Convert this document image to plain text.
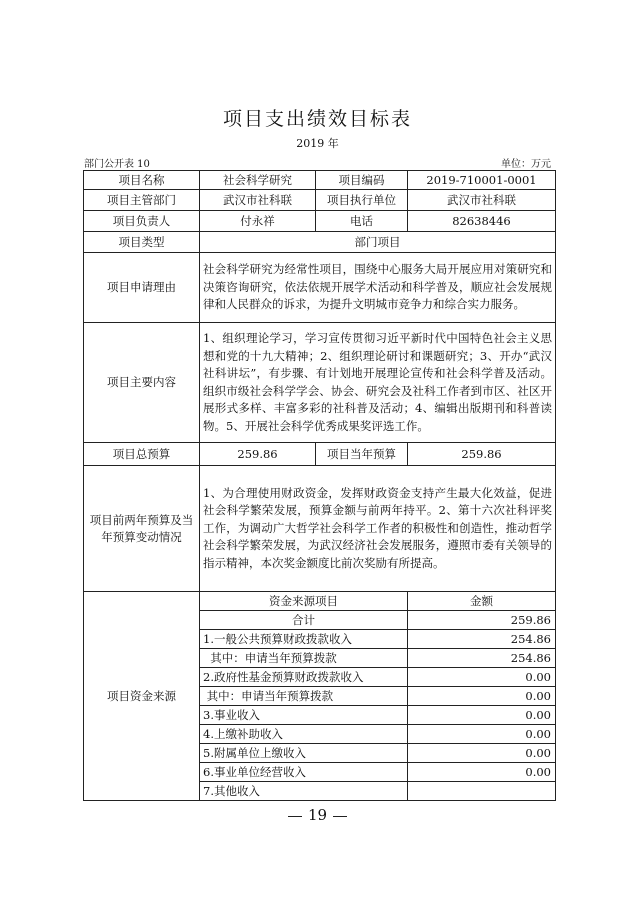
项目支出绩效目标表
2019 年
部门公开表 10	单位：万元
项目名称	社会科学研究	项目编码	2019-710001-0001
项目主管部门	武汉市社科联	项目执行单位	武汉市社科联
项目负责人	付永祥	电话	82638446
项目类型	部门项目		
项目申请理由	社会科学研究为经常性项目，围绕中心服务大局开展应用对策研究和决策咨询研究，依法依规开展学术活动和科学普及，顺应社会发展规律和人民群众的诉求，为提升文明城市竞争力和综合实力服务。		
项目主要内容	1、组织理论学习，学习宣传贯彻习近平新时代中国特色社会主义思想和党的十九大精神；2、组织理论研讨和课题研究；3、开办“武汉社科讲坛”，有步骤、有计划地开展理论宣传和社会科学普及活动。组织市级社会科学学会、协会、研究会及社科工作者到市区、社区开展形式多样、丰富多彩的社科普及活动；4、编辑出版期刊和科普读物。5、开展社会科学优秀成果奖评选工作。		
项目总预算	259.86	项目当年预算	259.86
项目前两年预算及当年预算变动情况	1、为合理使用财政资金，发挥财政资金支持产生最大化效益，促进社会科学繁荣发展，预算金额与前两年持平。2、第十六次社科评奖工作，为调动广大哲学社会科学工作者的积极性和创造性，推动哲学社会科学繁荣发展，为武汉经济社会发展服务，遵照市委有关领导的指示精神，本次奖金额度比前次奖励有所提高。		
项目资金来源	资金来源项目		金额
	合计		259.86
	1.一般公共预算财政拨款收入		254.86
	其中：申请当年预算拨款		254.86
	2.政府性基金预算财政拨款收入		0.00
	其中：申请当年预算拨款		0.00
	3.事业收入		0.00
	4.上缴补助收入		0.00
	5.附属单位上缴收入		0.00
	6.事业单位经营收入		0.00
	7.其他收入		
19
